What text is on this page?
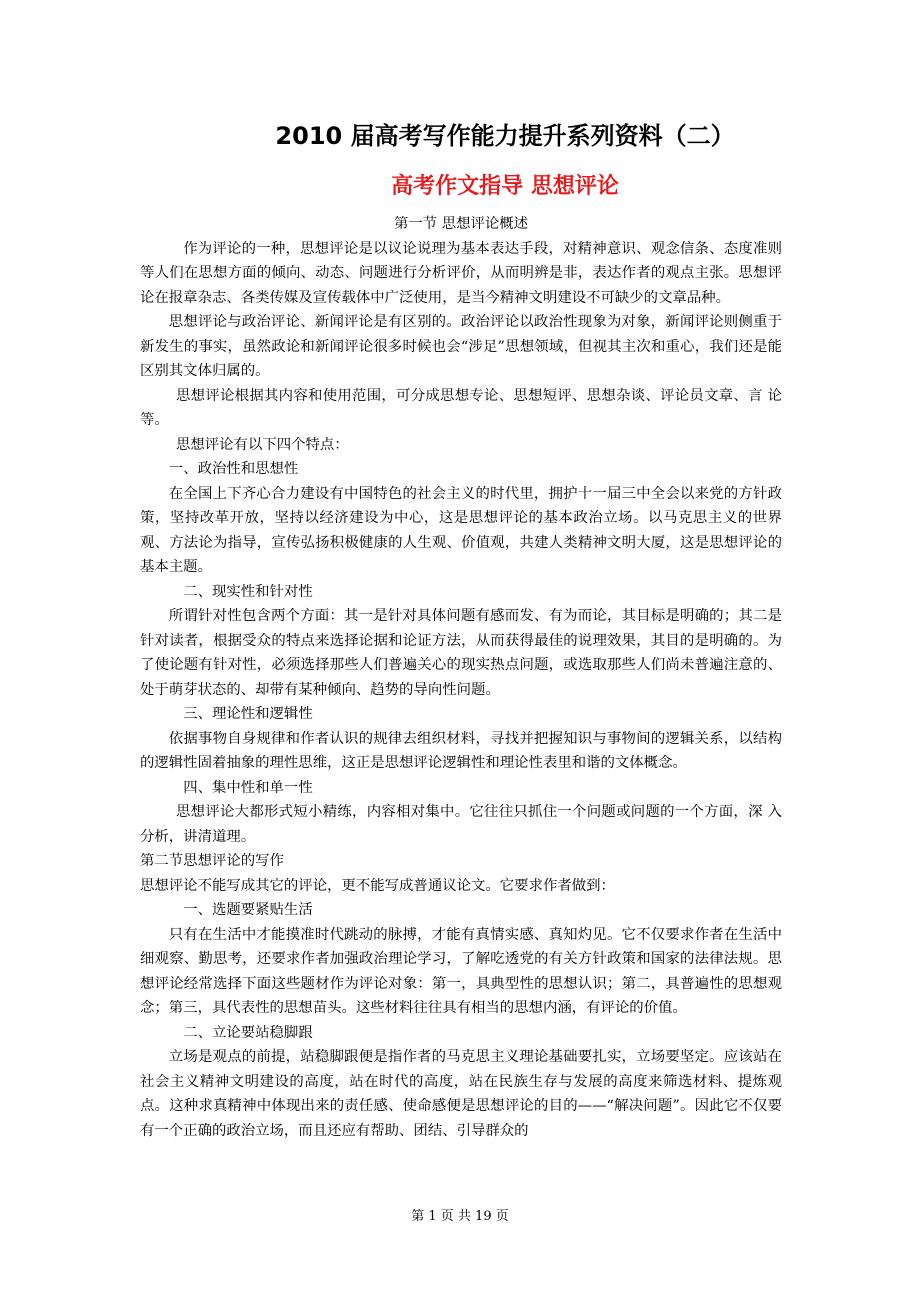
2010 届高考写作能力提升系列资料（二）
高考作文指导 思想评论

第一节 思想评论概述

作为评论的一种，思想评论是以议论说理为基本表达手段，对精神意识、观念信条、态度准则等人们在思想方面的倾向、动态、问题进行分析评价，从而明辨是非，表达作者的观点主张。思想评论在报章杂志、各类传媒及宣传载体中广泛使用，是当今精神文明建设不可缺少的文章品种。

思想评论与政治评论、新闻评论是有区别的。政治评论以政治性现象为对象，新闻评论则侧重于新发生的事实，虽然政论和新闻评论很多时候也会“涉足”思想领域，但视其主次和重心，我们还是能区别其文体归属的。

思想评论根据其内容和使用范围，可分成思想专论、思想短评、思想杂谈、评论员文章、言 论等。

思想评论有以下四个特点：

一、政治性和思想性

在全国上下齐心合力建设有中国特色的社会主义的时代里，拥护十一届三中全会以来党的方针政策，坚持改革开放，坚持以经济建设为中心，这是思想评论的基本政治立场。以马克思主义的世界观、方法论为指导，宣传弘扬积极健康的人生观、价值观，共建人类精神文明大厦，这是思想评论的基本主题。

二、现实性和针对性

所谓针对性包含两个方面：其一是针对具体问题有感而发、有为而论，其目标是明确的；其二是针对读者，根据受众的特点来选择论据和论证方法，从而获得最佳的说理效果，其目的是明确的。为了使论题有针对性，必须选择那些人们普遍关心的现实热点问题，或选取那些人们尚未普遍注意的、处于萌芽状态的、却带有某种倾向、趋势的导向性问题。

三、理论性和逻辑性

依据事物自身规律和作者认识的规律去组织材料，寻找并把握知识与事物间的逻辑关系，以结构的逻辑性固着抽象的理性思维，这正是思想评论逻辑性和理论性表里和谐的文体概念。

四、集中性和单一性

思想评论大都形式短小精练，内容相对集中。它往往只抓住一个问题或问题的一个方面，深 入分析，讲清道理。

第二节思想评论的写作

思想评论不能写成其它的评论，更不能写成普通议论文。它要求作者做到：

一、选题要紧贴生活

只有在生活中才能摸准时代跳动的脉搏，才能有真情实感、真知灼见。它不仅要求作者在生活中细观察、勤思考，还要求作者加强政治理论学习，了解吃透党的有关方针政策和国家的法律法规。思想评论经常选择下面这些题材作为评论对象：第一，具典型性的思想认识；第二，具普遍性的思想观念；第三，具代表性的思想苗头。这些材料往往具有相当的思想内涵，有评论的价值。

二、立论要站稳脚跟

立场是观点的前提，站稳脚跟便是指作者的马克思主义理论基础要扎实，立场要坚定。应该站在社会主义精神文明建设的高度，站在时代的高度，站在民族生存与发展的高度来筛选材料、提炼观点。这种求真精神中体现出来的责任感、使命感便是思想评论的目的——“解决问题”。因此它不仅要有一个正确的政治立场，而且还应有帮助、团结、引导群众的

第 1 页 共 19 页
